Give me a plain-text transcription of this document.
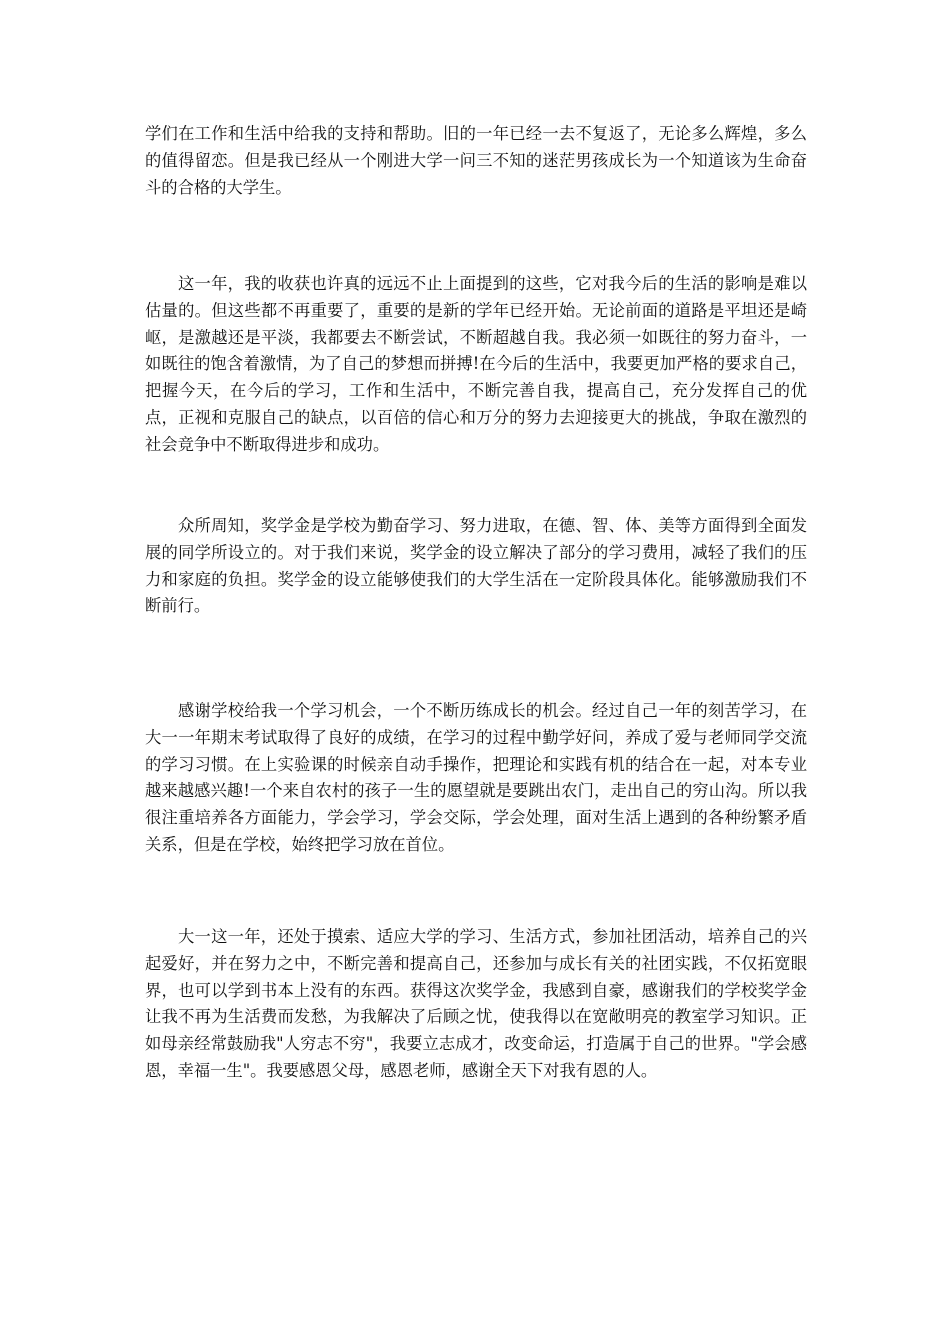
学们在工作和生活中给我的支持和帮助。旧的一年已经一去不复返了，无论多么辉煌，多么的值得留恋。但是我已经从一个刚进大学一问三不知的迷茫男孩成长为一个知道该为生命奋斗的合格的大学生。

这一年，我的收获也许真的远远不止上面提到的这些，它对我今后的生活的影响是难以估量的。但这些都不再重要了，重要的是新的学年已经开始。无论前面的道路是平坦还是崎岖，是激越还是平淡，我都要去不断尝试，不断超越自我。我必须一如既往的努力奋斗，一如既往的饱含着激情，为了自己的梦想而拼搏!在今后的生活中，我要更加严格的要求自己，把握今天，在今后的学习，工作和生活中，不断完善自我，提高自己，充分发挥自己的优点，正视和克服自己的缺点，以百倍的信心和万分的努力去迎接更大的挑战，争取在激烈的社会竞争中不断取得进步和成功。

众所周知，奖学金是学校为勤奋学习、努力进取，在德、智、体、美等方面得到全面发展的同学所设立的。对于我们来说，奖学金的设立解决了部分的学习费用，减轻了我们的压力和家庭的负担。奖学金的设立能够使我们的大学生活在一定阶段具体化。能够激励我们不断前行。

感谢学校给我一个学习机会，一个不断历练成长的机会。经过自己一年的刻苦学习，在大一一年期末考试取得了良好的成绩，在学习的过程中勤学好问，养成了爱与老师同学交流的学习习惯。在上实验课的时候亲自动手操作，把理论和实践有机的结合在一起，对本专业越来越感兴趣!一个来自农村的孩子一生的愿望就是要跳出农门，走出自己的穷山沟。所以我很注重培养各方面能力，学会学习，学会交际，学会处理，面对生活上遇到的各种纷繁矛盾关系，但是在学校，始终把学习放在首位。

大一这一年，还处于摸索、适应大学的学习、生活方式，参加社团活动，培养自己的兴起爱好，并在努力之中，不断完善和提高自己，还参加与成长有关的社团实践，不仅拓宽眼界，也可以学到书本上没有的东西。获得这次奖学金，我感到自豪，感谢我们的学校奖学金让我不再为生活费而发愁，为我解决了后顾之忧，使我得以在宽敞明亮的教室学习知识。正如母亲经常鼓励我"人穷志不穷"，我要立志成才，改变命运，打造属于自己的世界。"学会感恩，幸福一生"。我要感恩父母，感恩老师，感谢全天下对我有恩的人。
